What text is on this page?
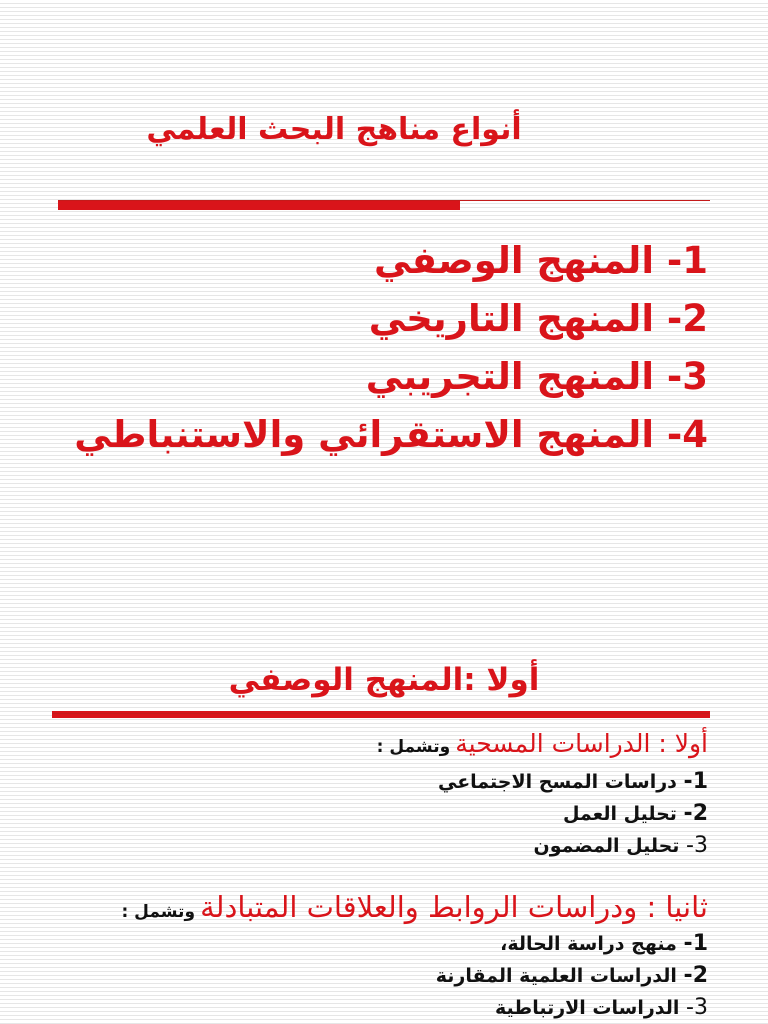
أنواع مناهج البحث العلمي
1- المنهج الوصفي
2- المنهج التاريخي
3- المنهج التجريبي
4- المنهج الاستقرائي والاستنباطي
أولا :المنهج الوصفي
أولا : الدراسات المسحية وتشمل :
1- دراسات المسح الاجتماعي
2- تحليل العمل
3- تحليل المضمون
ثانيا : ودراسات الروابط والعلاقات المتبادلة وتشمل :
1- منهج دراسة الحالة،
2- الدراسات العلمية المقارنة
3- الدراسات الارتباطية
